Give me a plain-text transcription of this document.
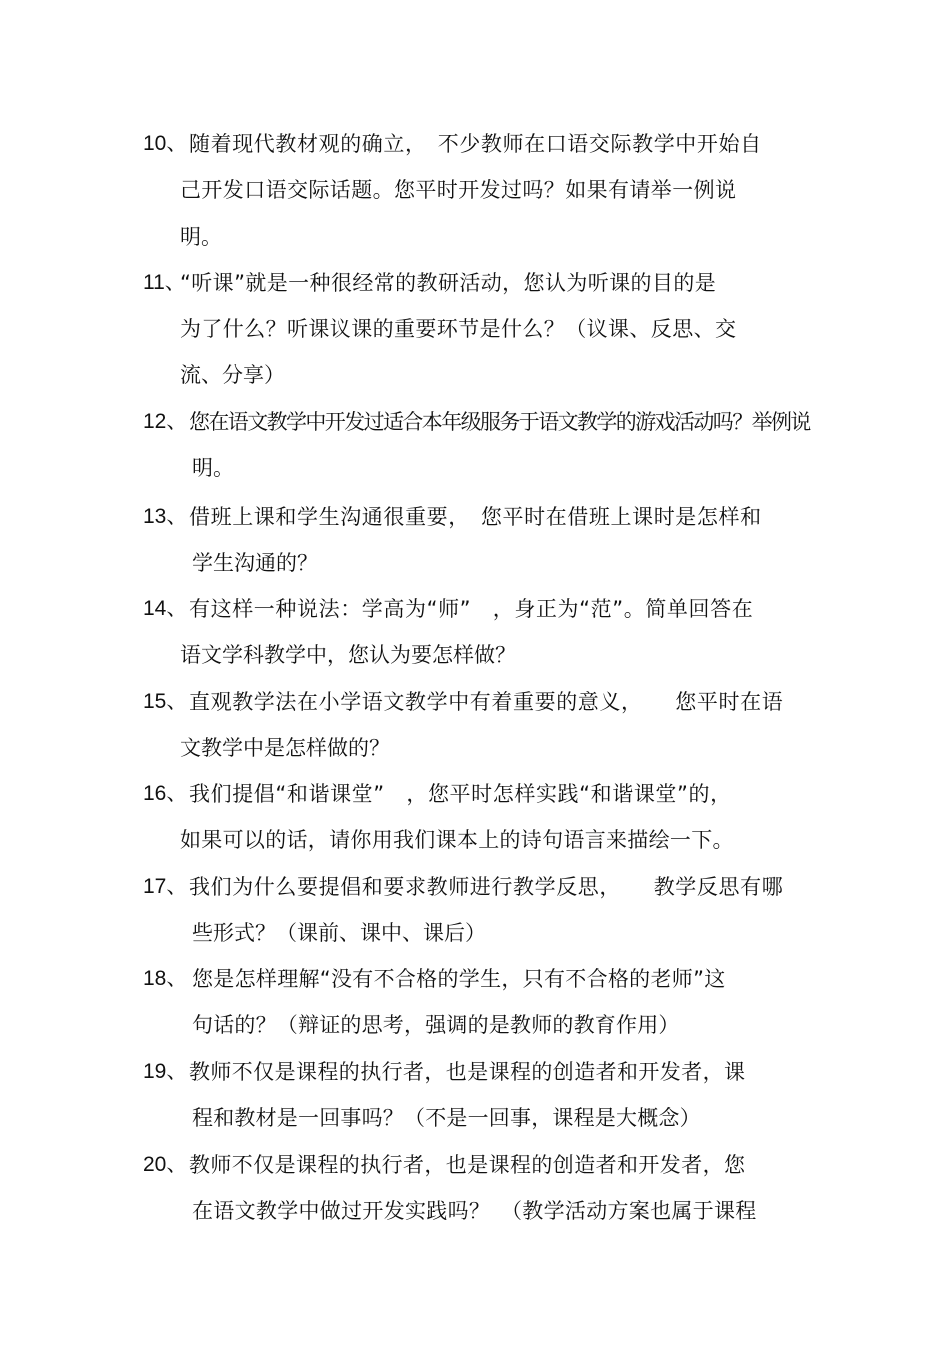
10、 随着现代教材观的确立，　不少教师在口语交际教学中开始自
己开发口语交际话题。您平时开发过吗？如果有请举一例说
明。
11、
“听课”就是一种很经常的教研活动，您认为听课的目的是
为了什么？听课议课的重要环节是什么？（议课、反思、交
流、分享）
12、 您在语文教学中开发过适合本年级服务于语文教学的游戏活动吗？举例说
明。
13、 借班上课和学生沟通很重要，　您平时在借班上课时是怎样和
学生沟通的？
14、 有这样一种说法：学高为“师”　，身正为“范”。简单回答在
语文学科教学中，您认为要怎样做？
15、 直观教学法在小学语文教学中有着重要的意义，　　您平时在语
文教学中是怎样做的？
16、 我们提倡“和谐课堂”　，您平时怎样实践“和谐课堂”的，
如果可以的话，请你用我们课本上的诗句语言来描绘一下。
17、 我们为什么要提倡和要求教师进行教学反思，　　教学反思有哪
些形式？（课前、课中、课后）
18、 您是怎样理解“没有不合格的学生，只有不合格的老师”这
句话的？（辩证的思考，强调的是教师的教育作用）
19、 教师不仅是课程的执行者，也是课程的创造者和开发者，课
程和教材是一回事吗？（不是一回事，课程是大概念）
20、 教师不仅是课程的执行者，也是课程的创造者和开发者，您
在语文教学中做过开发实践吗？　（教学活动方案也属于课程
